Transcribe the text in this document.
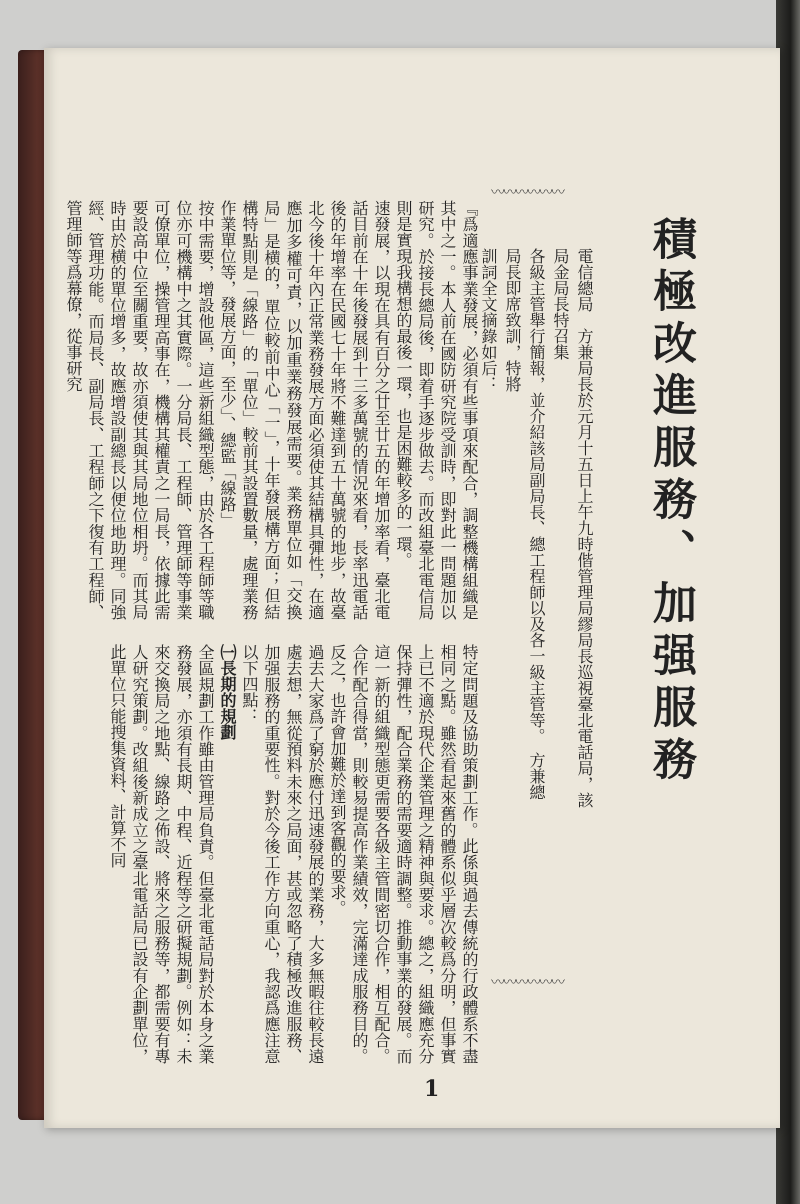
積極改進服務、加强服務
〰〰〰〰〰〰

電信總局　方兼局長於元月十五日上午九時偕管理局繆局長巡視臺北電話局，該局金局長特召集

各級主管舉行簡報，並介紹該局副局長、總工程師以及各一級主管等。　方兼總局長即席致訓，特將

訓詞全文摘錄如后：

〰〰〰〰〰〰

『爲適應事業發展，必須有些事項來配合，調整機構組織是其中之一。本人前在國防研究院受訓時，即對此一問題加以研究。於接長總局後，即着手逐步做去。而改組臺北電信局則是實現我構想的最後一環，也是困難較多的一環。

速發展，以現在具有百分之廿至廿五的年增加率看，臺北電話目前在十年後發展到十三多萬號的情況來看，長率迅電話後的年增率在民國七十年將不難達到五十萬號的地步，故臺北今後十年內正常業務發展方面必須使其結構具彈性，在適應加多權可責，以加重業務發展需要。業務單位如「交換局」是横的，單位較前中心「一」，十年發展構方面；但結構特點則是「線路」的「單位」較前其設置數量，處理業務作業單位等，發展方面，至少」、總監「線路」

按中需要，增設他區，這些新組織型態，由於各工程師等職位亦可機構中之其實際。一分局長、工程師、管理師等事業可僚單位，操管理高事在，機構其權責之一局長，依據此需要設高中位至關重要，故亦須使其與其局地位相坍。而其局時由於横的單位增多，故應增設副總長以便位地助理。同強經、管理功能。而局長、副局長、工程師之下復有工程師、管理師等爲幕僚，從事研究

特定問題及協助策劃工作。此係與過去傳統的行政體系不盡相同之點。雖然看起來舊的體系似乎層次較爲分明，但事實上已不適於現代企業管理之精神與要求。總之，組織應充分保持彈性，配合業務的需要適時調整。推動事業的發展。而這一新的組織型態更需要各級主管間密切合作，相互配合。合作配合得當，則較易提高作業績效，完滿達成服務目的。反之，也許會加難於達到客觀的要求。

過去大家爲了窮於應付迅速發展的業務，大多無暇往較長遠處去想，無從預料未來之局面，甚或忽略了積極改進服務、加强服務的重要性。對於今後工作方向重心，我認爲應注意以下四點：

㈠長期的規劃

全區規劃工作雖由管理局負責。但臺北電話局對於本身之業務發展，亦須有長期、中程、近程等之研擬規劃。例如：未來交換局之地點、線路之佈設、將來之服務等，都需要有專人研究策劃。改組後新成立之臺北電話局已設有企劃單位，此單位只能搜集資料、計算不同

1
